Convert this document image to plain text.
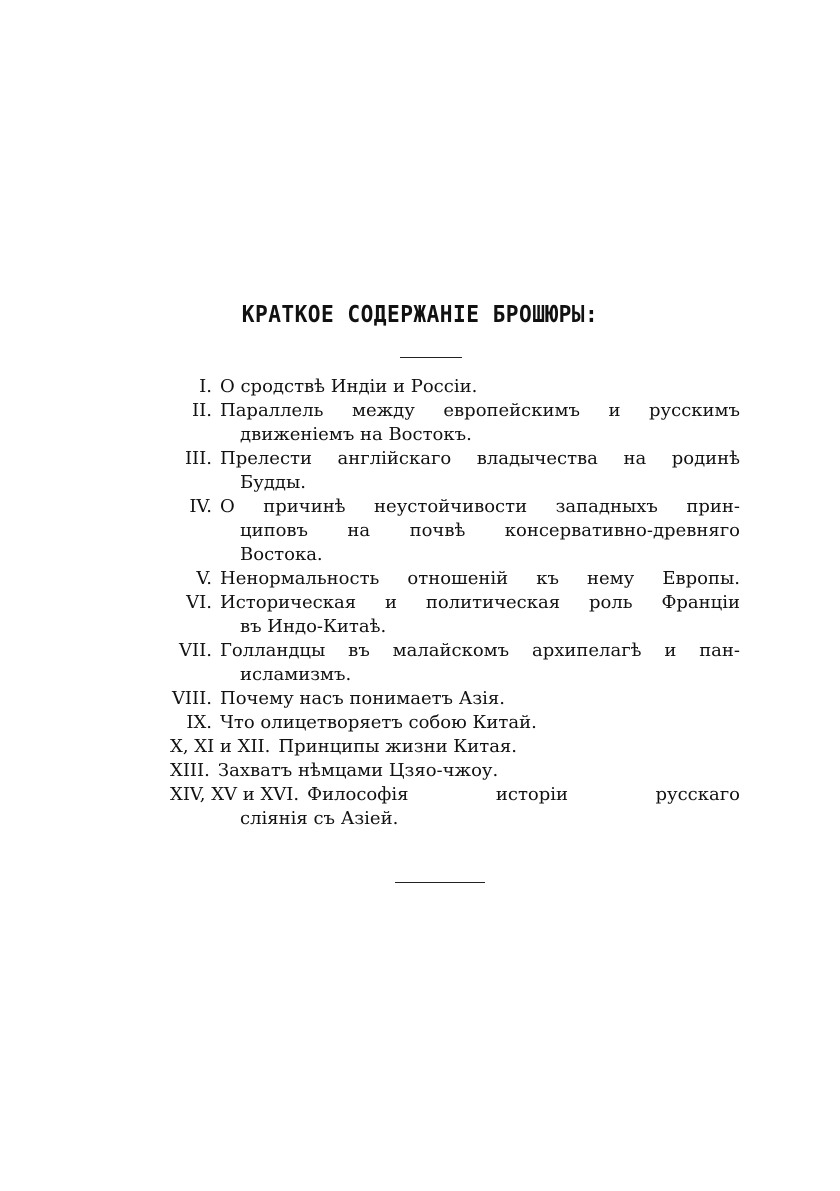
КРАТКОЕ СОДЕРЖАНІЕ БРОШЮРЫ:
I. О сродствѣ Индіи и Россіи.
II. Параллель между европейскимъ и русскимъ
движенiемъ на Востокъ.
III. Прелести англійскаго владычества на родинѣ
Будды.
IV. О причинѣ неустойчивости западныхъ прин-
циповъ на почвѣ консервативно-древняго
Востока.
V. Ненормальность отношеній къ нему Европы.
VI. Историческая и политическая роль Франціи
въ Индо-Китаѣ.
VII. Голландцы въ малайскомъ архипелагѣ и пан-
исламизмъ.
VIII. Почему насъ понимаетъ Азія.
IX. Что олицетворяетъ собою Китай.
X, XI и XII. Принципы жизни Китая.
XIII. Захватъ нѣмцами Цзяо-чжоу.
XIV, XV и XVI. Философія исторіи русскаго
слiянія съ Азіей.
